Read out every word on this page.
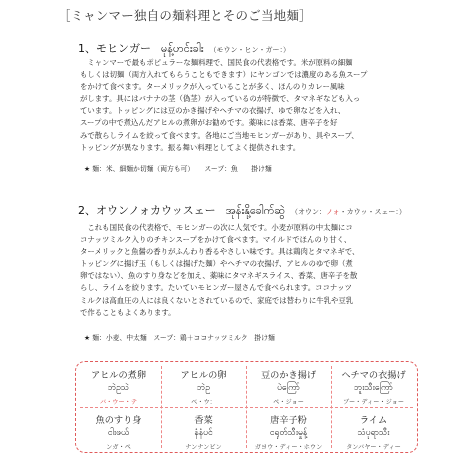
［ミャンマー独自の麺料理とそのご当地麺］
1、モヒンガー မုန့်ဟင်းခါး （モウン・ヒン・ガー：）
ミャンマーで最もポピュラーな麺料理で、国民食の代表格です。米が原料の細麺
もしくは切麺（両方入れてもらうこともできます）にヤンゴンでは濃度のある魚スープ
をかけて食べます。ターメリックが入っていることが多く、ほんのりカレー風味
がします。具にはバナナの茎（偽茎）が入っているのが特徴で、タマネギなども入っ
ています。トッピングには豆のかき揚げやヘチマの衣揚げ、ゆで卵などを入れ、
スープの中で煮込んだアヒルの煮卵がお勧めです。薬味には香菜、唐辛子を好
みで散らしライムを絞って食べます。各地にご当地モヒンガーがあり、具やスープ、
トッピングが異なります。振る舞い料理としてよく提供されます。
★ 麺：米、細麺か切麺（両方も可）　　スープ：魚　　掛け麺
2、オウンノォカウッスェー အုန်းနို့ခေါက်ဆွဲ （オウン：ノォ・カウッ・スェー：）
これも国民食の代表格で、モヒンガーの次に人気です。小麦が原料の中太麺にコ
コナッツミルク入りのチキンスープをかけて食べます。マイルドでほんのり甘く、
ターメリックと魚醤の香りがふんわり香るやさしい味です。具は鶏肉とタマネギで、
トッピングに揚げ玉（もしくは揚げた麺）やヘチマの衣揚げ、アヒルのゆで卵（煮
卵ではない）、魚のすり身などを加え、薬味にタマネギスライス、香菜、唐辛子を散
らし、ライムを絞ります。たいていモヒンガー屋さんで食べられます。ココナッツ
ミルクは高血圧の人には良くないとされているので、家庭では替わりに牛乳や豆乳
で作ることもよくあります。
★ 麺：小麦、中太麺　スープ：鶏＋ココナッツミルク　掛け麺
アヒルの煮卵
ဘဲဥသဲ
バ・ウー・テ
アヒルの卵
ဘဲဥ
ベ・ウ：
豆のかき揚げ
ပဲကြော်
ペ・ジョー
ヘチマの衣揚げ
ဘူးသီးကြော်
ブー・ディー・ジョー
魚のすり身
ငါးဖယ်
ンガ・ペ
香菜
နံနံပင်
ナンナンビン
唐辛子粉
ငရုတ်သီးမှုန့်
ガヨウ・ディー・ホウン
ライム
သံပုရာသီး
タンバヤー・ディー
